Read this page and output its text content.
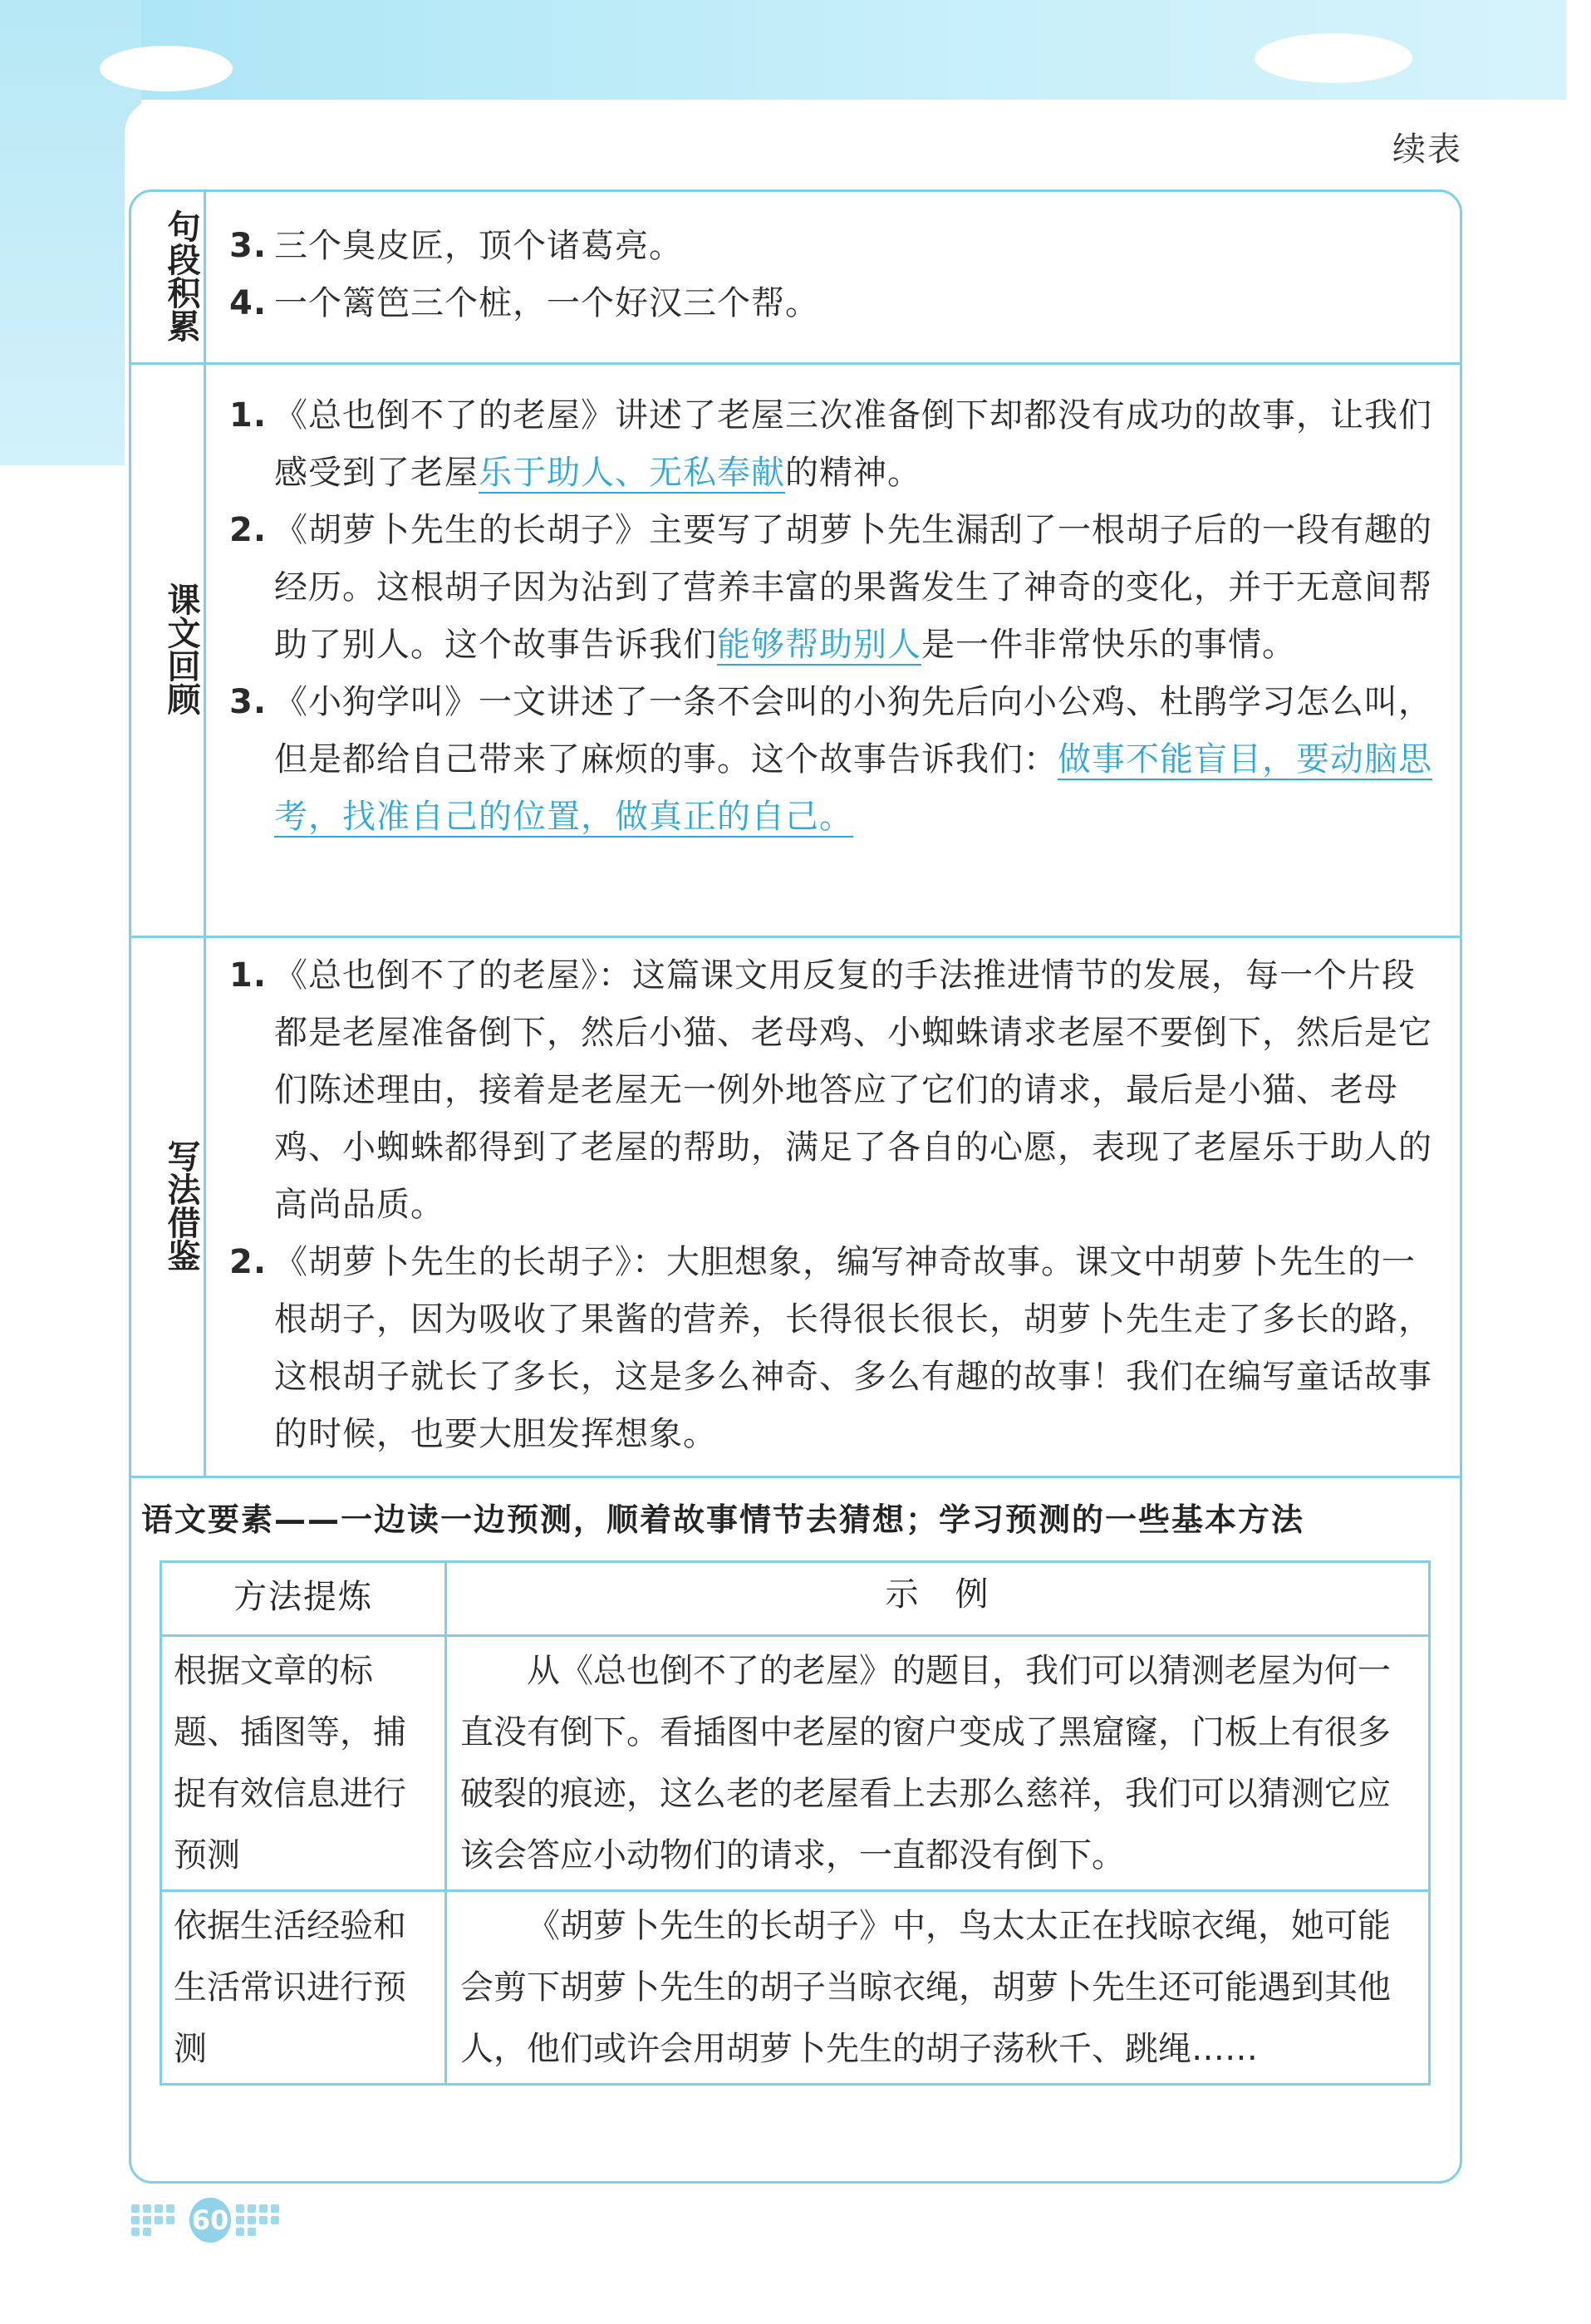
续表
句段积累 3. 三个臭皮匠，顶个诸葛亮。
4. 一个篱笆三个桩，一个好汉三个帮。
课文回顾
1. 《总也倒不了的老屋》讲述了老屋三次准备倒下却都没有成功的故事，让我们感受到了老屋乐于助人、无私奉献的精神。
2. 《胡萝卜先生的长胡子》主要写了胡萝卜先生漏刮了一根胡子后的一段有趣的经历。这根胡子因为沾到了营养丰富的果酱发生了神奇的变化，并于无意间帮助了别人。这个故事告诉我们能够帮助别人是一件非常快乐的事情。
3. 《小狗学叫》一文讲述了一条不会叫的小狗先后向小公鸡、杜鹃学习怎么叫，但是都给自己带来了麻烦的事。这个故事告诉我们：做事不能盲目，要动脑思考，找准自己的位置，做真正的自己。
写法借鉴
1. 《总也倒不了的老屋》：这篇课文用反复的手法推进情节的发展，每一个片段都是老屋准备倒下，然后小猫、老母鸡、小蜘蛛请求老屋不要倒下，然后是它们陈述理由，接着是老屋无一例外地答应了它们的请求，最后是小猫、老母鸡、小蜘蛛都得到了老屋的帮助，满足了各自的心愿，表现了老屋乐于助人的高尚品质。
2. 《胡萝卜先生的长胡子》：大胆想象，编写神奇故事。课文中胡萝卜先生的一根胡子，因为吸收了果酱的营养，长得很长很长，胡萝卜先生走了多长的路，这根胡子就长了多长，这是多么神奇、多么有趣的故事！我们在编写童话故事的时候，也要大胆发挥想象。
语文要素——一边读一边预测，顺着故事情节去猜想；学习预测的一些基本方法
方法提炼	示　例
根据文章的标题、插图等，捕捉有效信息进行预测	从《总也倒不了的老屋》的题目，我们可以猜测老屋为何一直没有倒下。看插图中老屋的窗户变成了黑窟窿，门板上有很多破裂的痕迹，这么老的老屋看上去那么慈祥，我们可以猜测它应该会答应小动物们的请求，一直都没有倒下。
依据生活经验和生活常识进行预测	《胡萝卜先生的长胡子》中，鸟太太正在找晾衣绳，她可能会剪下胡萝卜先生的胡子当晾衣绳，胡萝卜先生还可能遇到其他人，他们或许会用胡萝卜先生的胡子荡秋千、跳绳……
60
